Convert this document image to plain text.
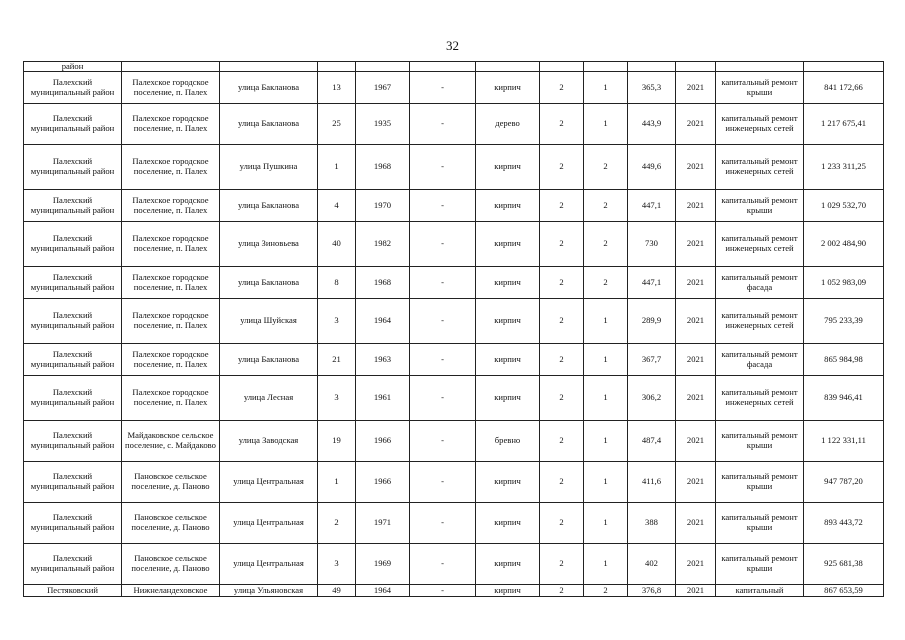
32
район												
Палехский муниципальный район	Палехское городское поселение, п. Палех	улица Бакланова	13	1967	-	кирпич	2	1	365,3	2021	капитальный ремонт крыши	841 172,66
Палехский муниципальный район	Палехское городское поселение, п. Палех	улица Бакланова	25	1935	-	дерево	2	1	443,9	2021	капитальный ремонт инженерных сетей	1 217 675,41
Палехский муниципальный район	Палехское городское поселение, п. Палех	улица Пушкина	1	1968	-	кирпич	2	2	449,6	2021	капитальный ремонт инженерных сетей	1 233 311,25
Палехский муниципальный район	Палехское городское поселение, п. Палех	улица Бакланова	4	1970	-	кирпич	2	2	447,1	2021	капитальный ремонт крыши	1 029 532,70
Палехский муниципальный район	Палехское городское поселение, п. Палех	улица Зиновьева	40	1982	-	кирпич	2	2	730	2021	капитальный ремонт инженерных сетей	2 002 484,90
Палехский муниципальный район	Палехское городское поселение, п. Палех	улица Бакланова	8	1968	-	кирпич	2	2	447,1	2021	капитальный ремонт фасада	1 052 983,09
Палехский муниципальный район	Палехское городское поселение, п. Палех	улица Шуйская	3	1964	-	кирпич	2	1	289,9	2021	капитальный ремонт инженерных сетей	795 233,39
Палехский муниципальный район	Палехское городское поселение, п. Палех	улица Бакланова	21	1963	-	кирпич	2	1	367,7	2021	капитальный ремонт фасада	865 984,98
Палехский муниципальный район	Палехское городское поселение, п. Палех	улица Лесная	3	1961	-	кирпич	2	1	306,2	2021	капитальный ремонт инженерных сетей	839 946,41
Палехский муниципальный район	Майдаковское сельское поселение, с. Майдаково	улица Заводская	19	1966	-	бревно	2	1	487,4	2021	капитальный ремонт крыши	1 122 331,11
Палехский муниципальный район	Пановское сельское поселение, д. Паново	улица Центральная	1	1966	-	кирпич	2	1	411,6	2021	капитальный ремонт крыши	947 787,20
Палехский муниципальный район	Пановское сельское поселение, д. Паново	улица Центральная	2	1971	-	кирпич	2	1	388	2021	капитальный ремонт крыши	893 443,72
Палехский муниципальный район	Пановское сельское поселение, д. Паново	улица Центральная	3	1969	-	кирпич	2	1	402	2021	капитальный ремонт крыши	925 681,38
Пестяковский	Нижнеландеховское	улица Ульяновская	49	1964	-	кирпич	2	2	376,8	2021	капитальный	867 653,59
